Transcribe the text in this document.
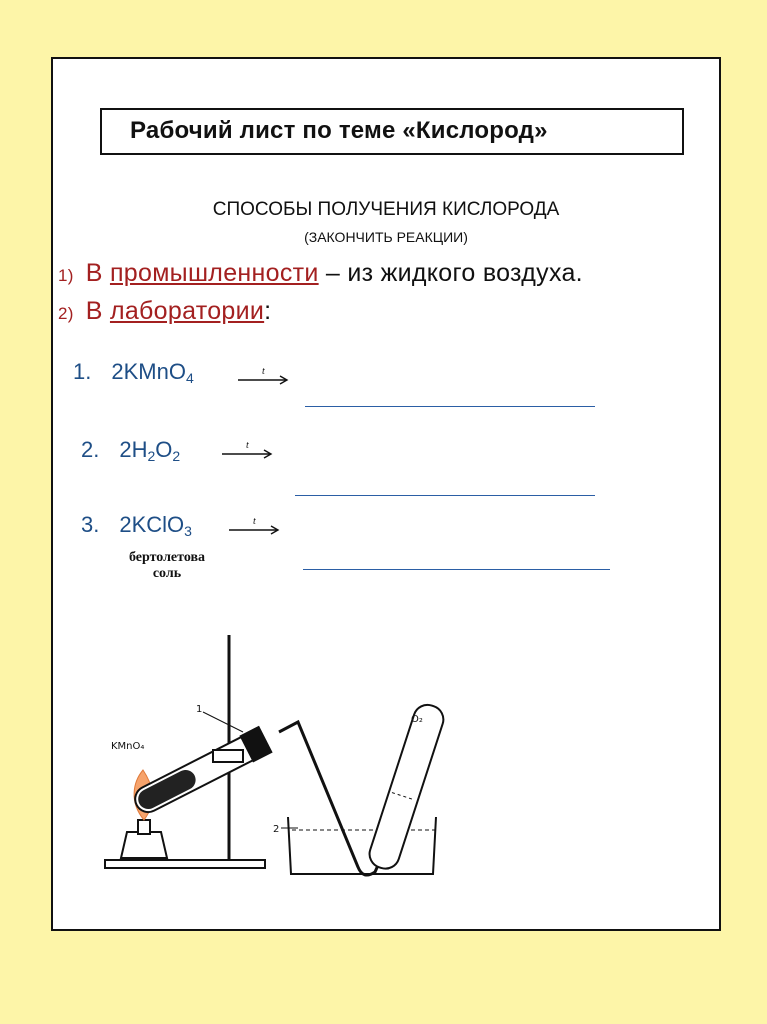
Рабочий лист по теме «Кислород»
СПОСОБЫ ПОЛУЧЕНИЯ КИСЛОРОДА
(ЗАКОНЧИТЬ РЕАКЦИИ)
1) В промышленности – из жидкого воздуха.
2) В лаборатории:
1. 2KMnO$_4$	t
2. $2H_2O_2$
t
3. 2KClO$_3$
t
бертолетова
соль
KMnO₄
1
2
O₂
